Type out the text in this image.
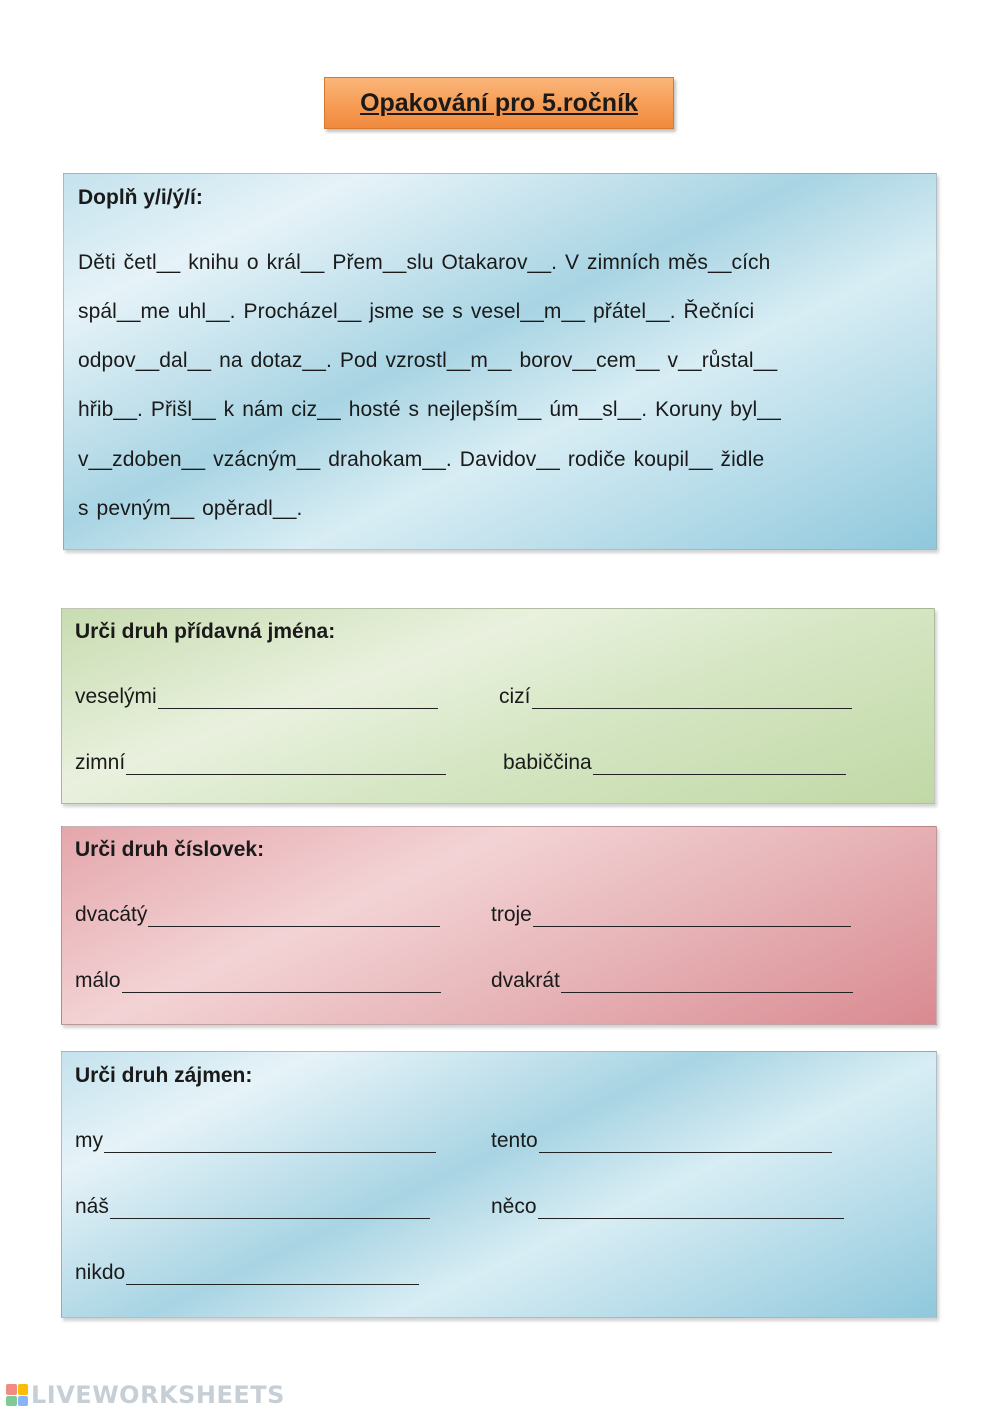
Opakování pro 5.ročník
Doplň y/i/ý/í:
Děti četl__ knihu o král__ Přem__slu Otakarov__. V zimních měs__cích
spál__me uhl__. Procházel__ jsme se s vesel__m__ přátel__. Řečníci
odpov__dal__ na dotaz__. Pod vzrostl__m__ borov__cem__ v__růstal__
hřib__. Přišl__ k nám ciz__ hosté s nejlepším__ úm__sl__. Koruny byl__
v__zdoben__ vzácným__ drahokam__. Davidov__ rodiče koupil__ židle
s pevným__ opěradl__.
Urči druh přídavná jména:
veselými	cizí
zimní	babiččina
Urči druh číslovek:
dvacátý	troje
málo	dvakrát
Urči druh zájmen:
my	tento
náš	něco
nikdo
LIVEWORKSHEETS
